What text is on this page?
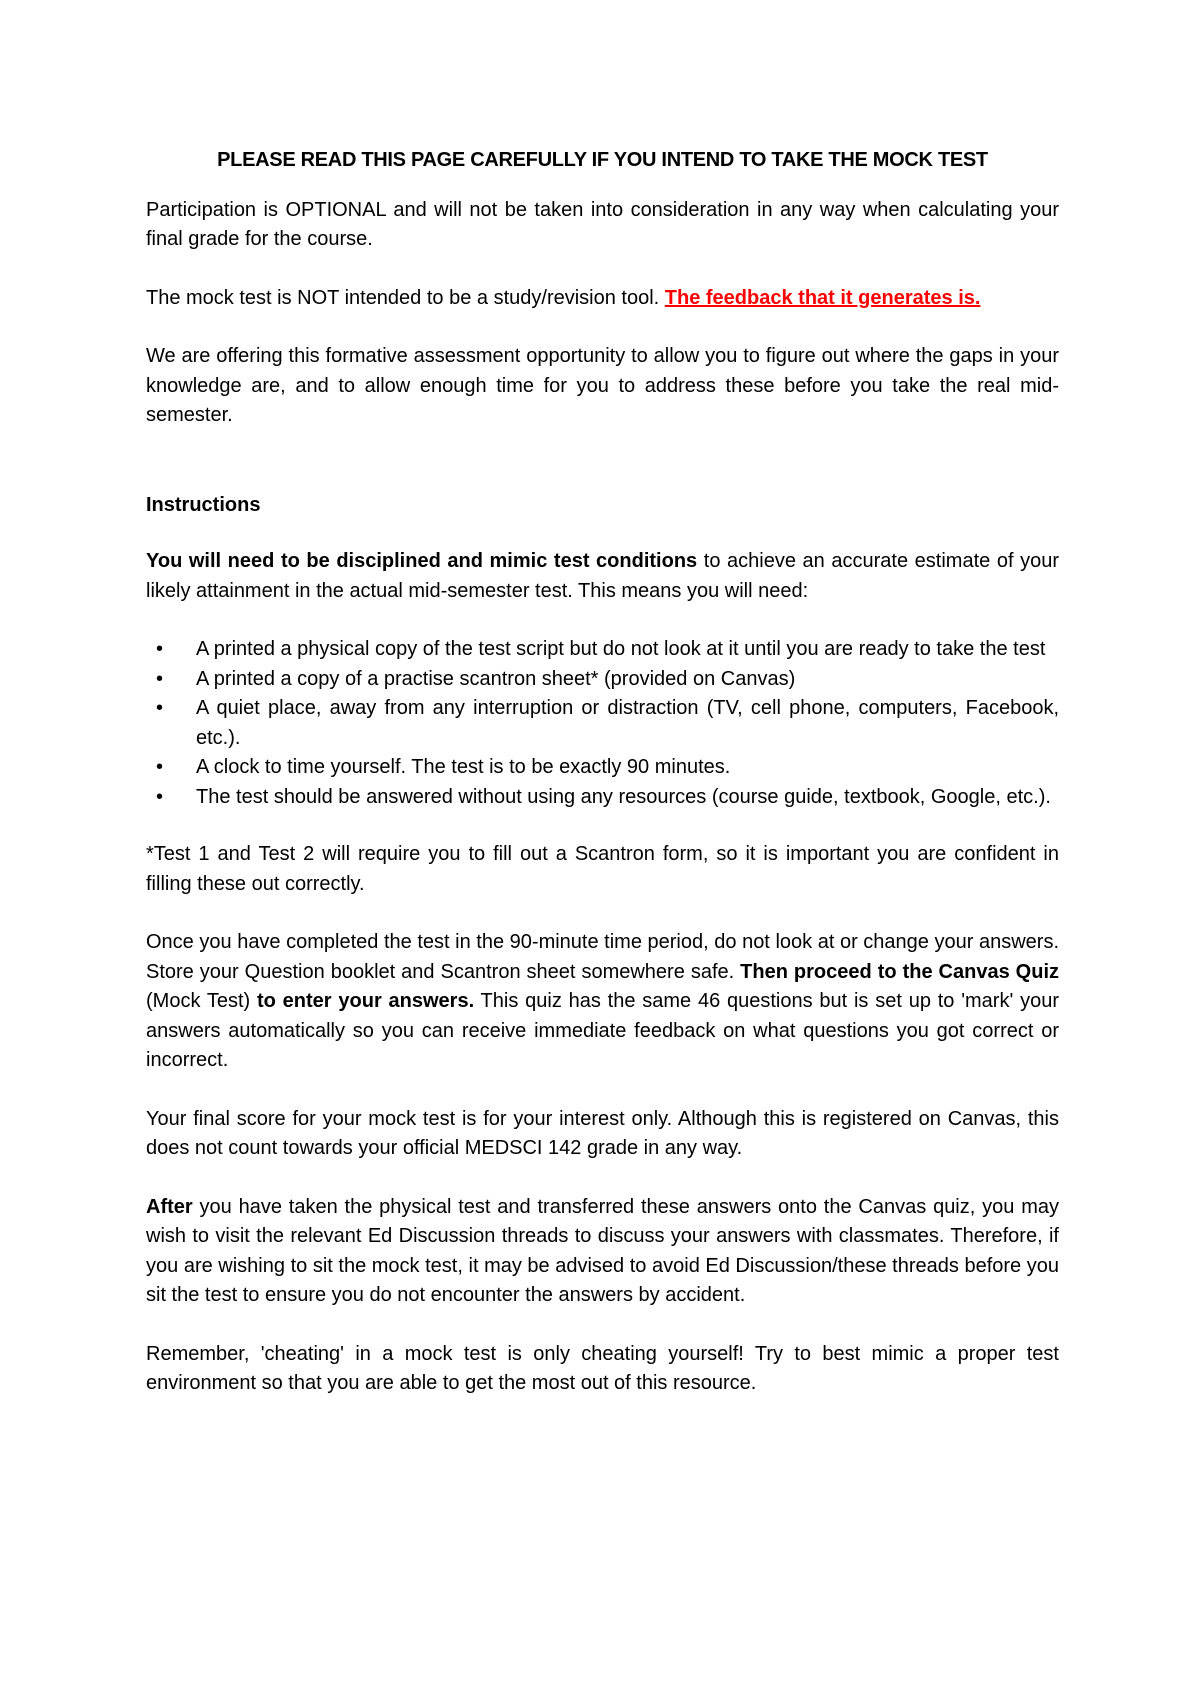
PLEASE READ THIS PAGE CAREFULLY IF YOU INTEND TO TAKE THE MOCK TEST

Participation is OPTIONAL and will not be taken into consideration in any way when calculating your final grade for the course.

The mock test is NOT intended to be a study/revision tool. The feedback that it generates is.

We are offering this formative assessment opportunity to allow you to figure out where the gaps in your knowledge are, and to allow enough time for you to address these before you take the real mid-semester.

Instructions

You will need to be disciplined and mimic test conditions to achieve an accurate estimate of your likely attainment in the actual mid-semester test. This means you will need:

• A printed a physical copy of the test script but do not look at it until you are ready to take the test
• A printed a copy of a practise scantron sheet* (provided on Canvas)
• A quiet place, away from any interruption or distraction (TV, cell phone, computers, Facebook, etc.).
• A clock to time yourself. The test is to be exactly 90 minutes.
• The test should be answered without using any resources (course guide, textbook, Google, etc.).

*Test 1 and Test 2 will require you to fill out a Scantron form, so it is important you are confident in filling these out correctly.

Once you have completed the test in the 90-minute time period, do not look at or change your answers. Store your Question booklet and Scantron sheet somewhere safe. Then proceed to the Canvas Quiz (Mock Test) to enter your answers. This quiz has the same 46 questions but is set up to 'mark' your answers automatically so you can receive immediate feedback on what questions you got correct or incorrect.

Your final score for your mock test is for your interest only. Although this is registered on Canvas, this does not count towards your official MEDSCI 142 grade in any way.

After you have taken the physical test and transferred these answers onto the Canvas quiz, you may wish to visit the relevant Ed Discussion threads to discuss your answers with classmates. Therefore, if you are wishing to sit the mock test, it may be advised to avoid Ed Discussion/these threads before you sit the test to ensure you do not encounter the answers by accident.

Remember, 'cheating' in a mock test is only cheating yourself! Try to best mimic a proper test environment so that you are able to get the most out of this resource.
